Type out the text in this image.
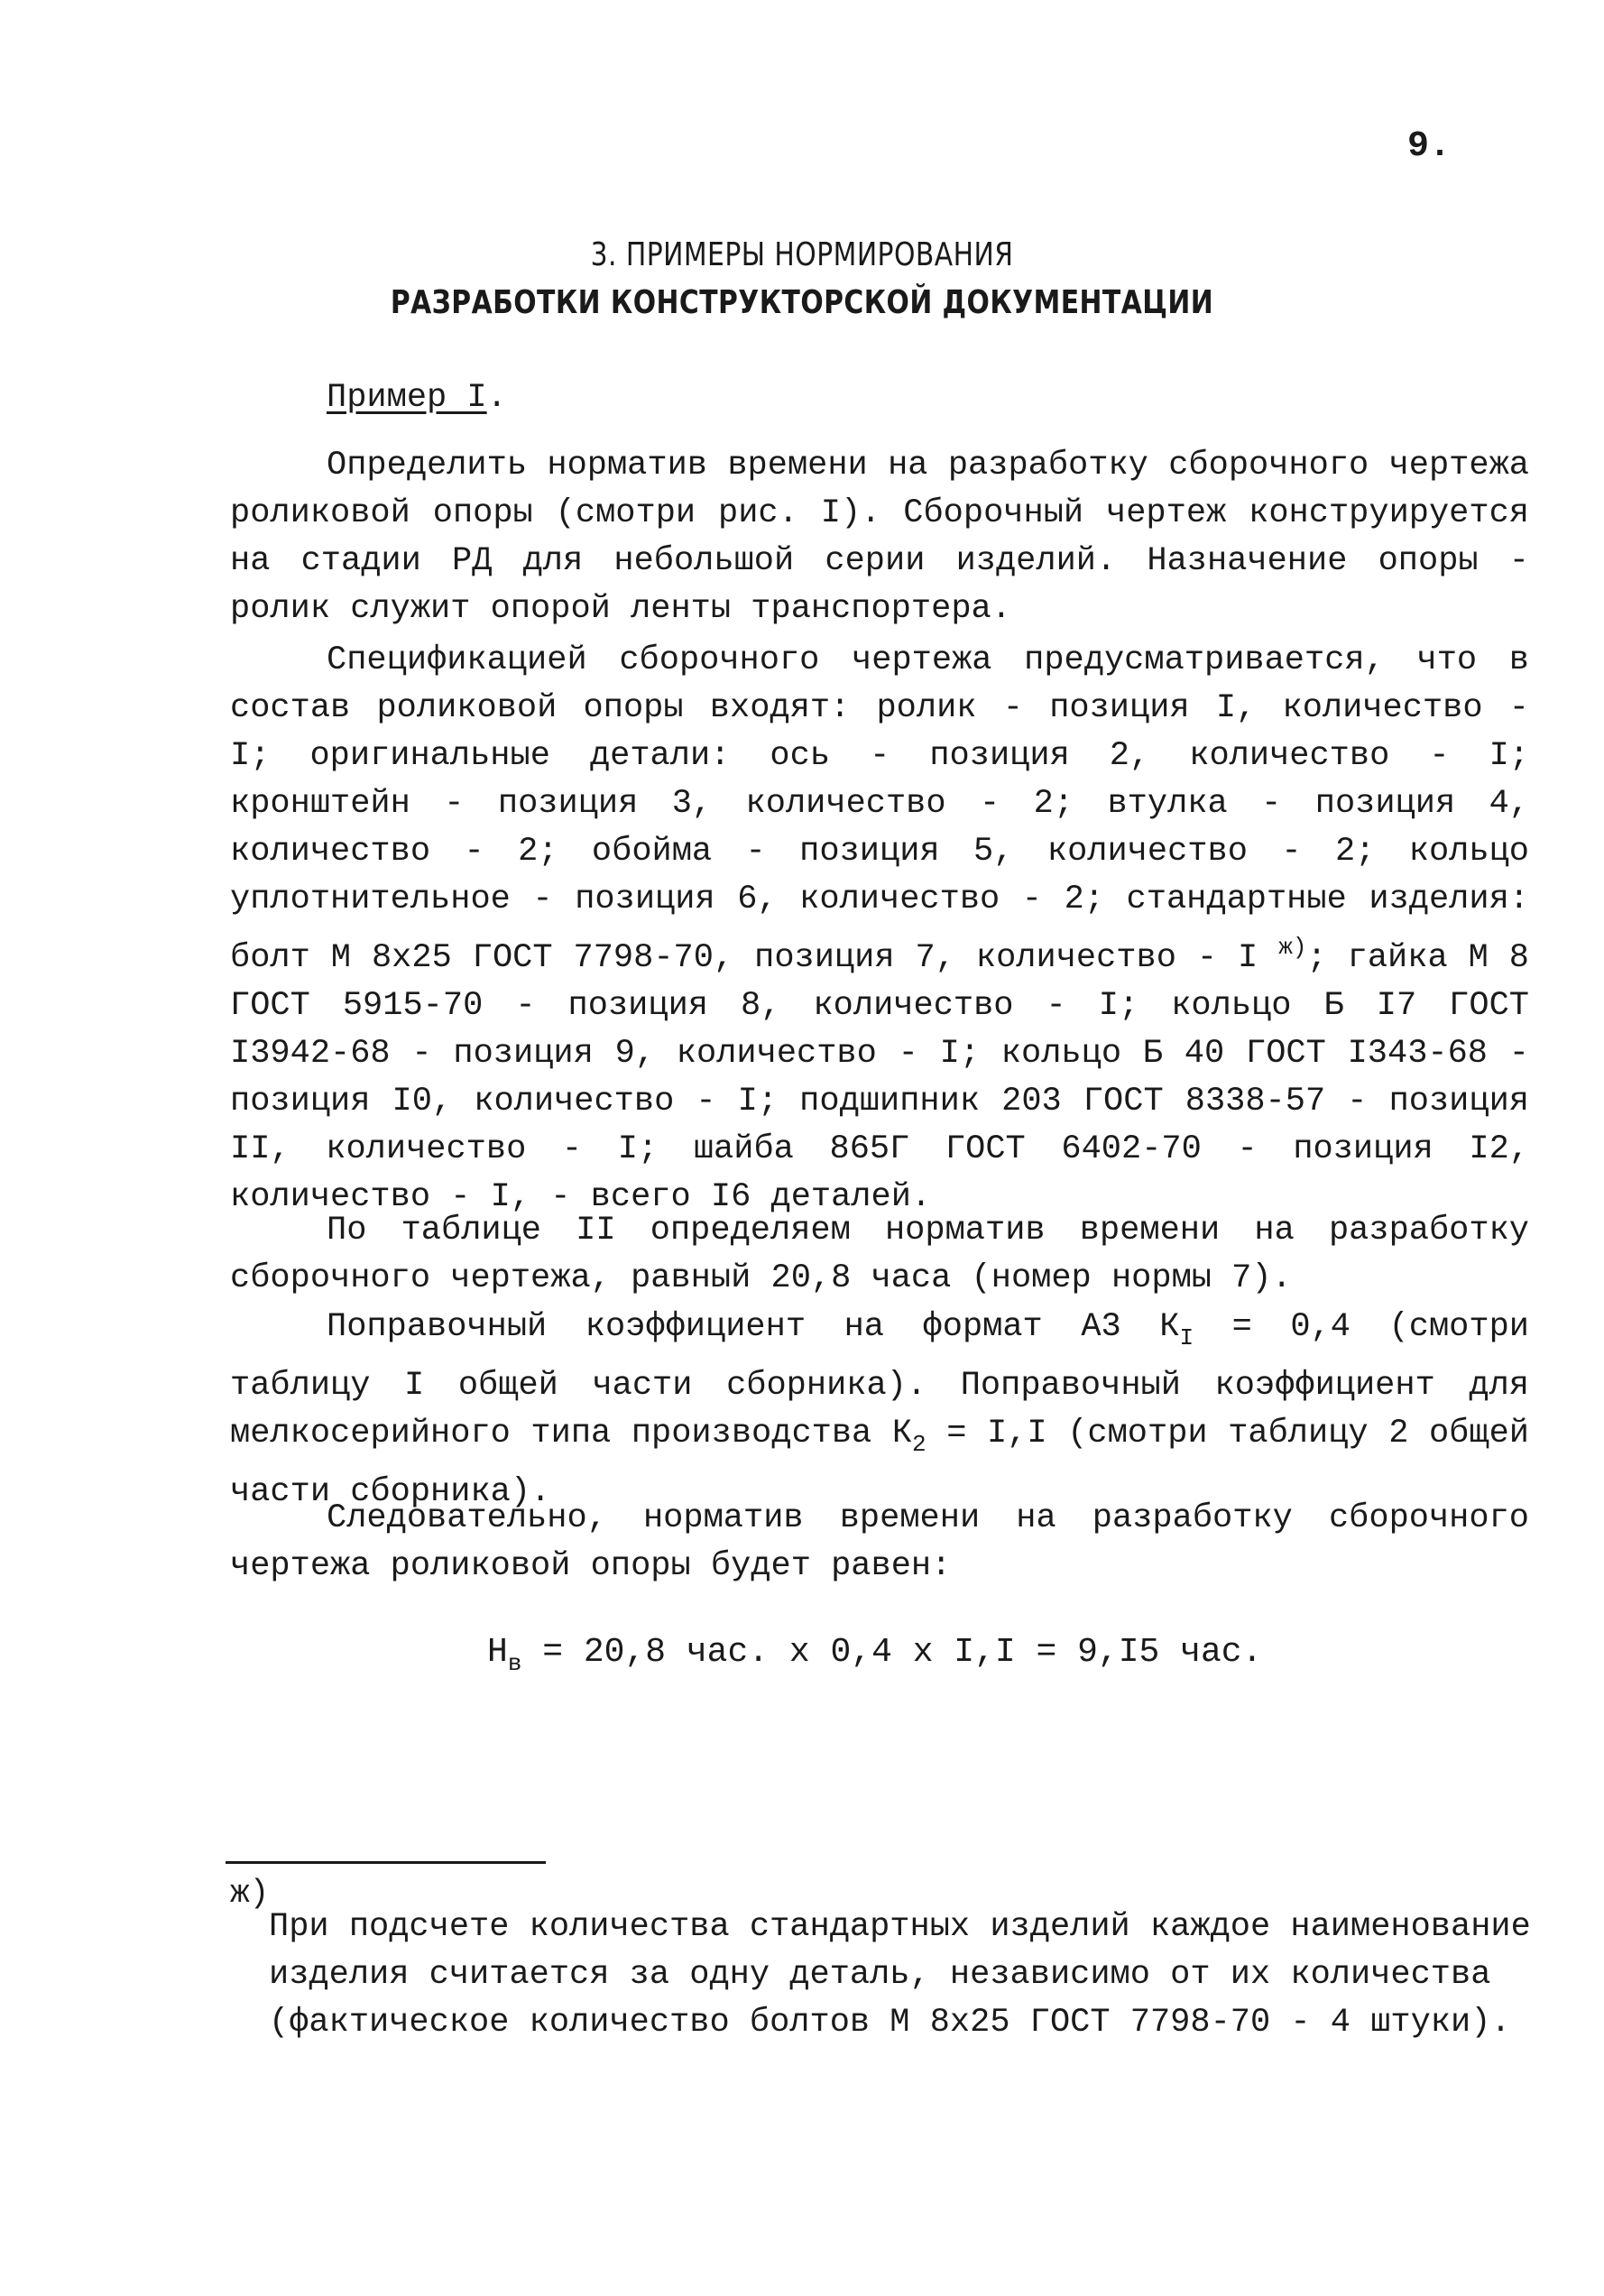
9.
3. ПРИМЕРЫ НОРМИРОВАНИЯ
РАЗРАБОТКИ КОНСТРУКТОРСКОЙ ДОКУМЕНТАЦИИ
Пример I.

Определить норматив времени на разработку сборочного чертежа роликовой опоры (смотри рис. I). Сборочный чертеж конструируется на стадии РД для небольшой серии изделий. Назначение опоры - ролик служит опорой ленты транспортера.

Спецификацией сборочного чертежа предусматривается, что в состав роликовой опоры входят: ролик - позиция I, количество - I; оригинальные детали: ось - позиция 2, количество - I; кронштейн - позиция 3, количество - 2; втулка - позиция 4, количество - 2; обойма - позиция 5, количество - 2; кольцо уплотнительное - позиция 6, количество - 2; стандартные изделия: болт М 8x25 ГОСТ 7798-70, позиция 7, количество - I $^{ж)}$; гайка М 8 ГОСТ 5915-70 - позиция 8, количество - I; кольцо Б I7 ГОСТ I3942-68 - позиция 9, количество - I; кольцо Б 40 ГОСТ I343-68 - позиция I0, количество - I; подшипник 203 ГОСТ 8338-57 - позиция II, количество - I; шайба 865Г ГОСТ 6402-70 - позиция I2, количество - I, - всего I6 деталей.

По таблице II определяем норматив времени на разработку сборочного чертежа, равный 20,8 часа (номер нормы 7).

Поправочный коэффициент на формат А3 $К_I = 0,4$ (смотри таблицу I общей части сборника). Поправочный коэффициент для мелкосерийного типа производства $К_2 = I,I$ (смотри таблицу 2 общей части сборника).

Следовательно, норматив времени на разработку сборочного чертежа роликовой опоры будет равен:

$Н_в = 20,8$ час. x 0,4 x I,I = 9,I5 час.
ж)

При подсчете количества стандартных изделий каждое наименование изделия считается за одну деталь, независимо от их количества (фактическое количество болтов М 8x25 ГОСТ 7798-70 - 4 штуки).
